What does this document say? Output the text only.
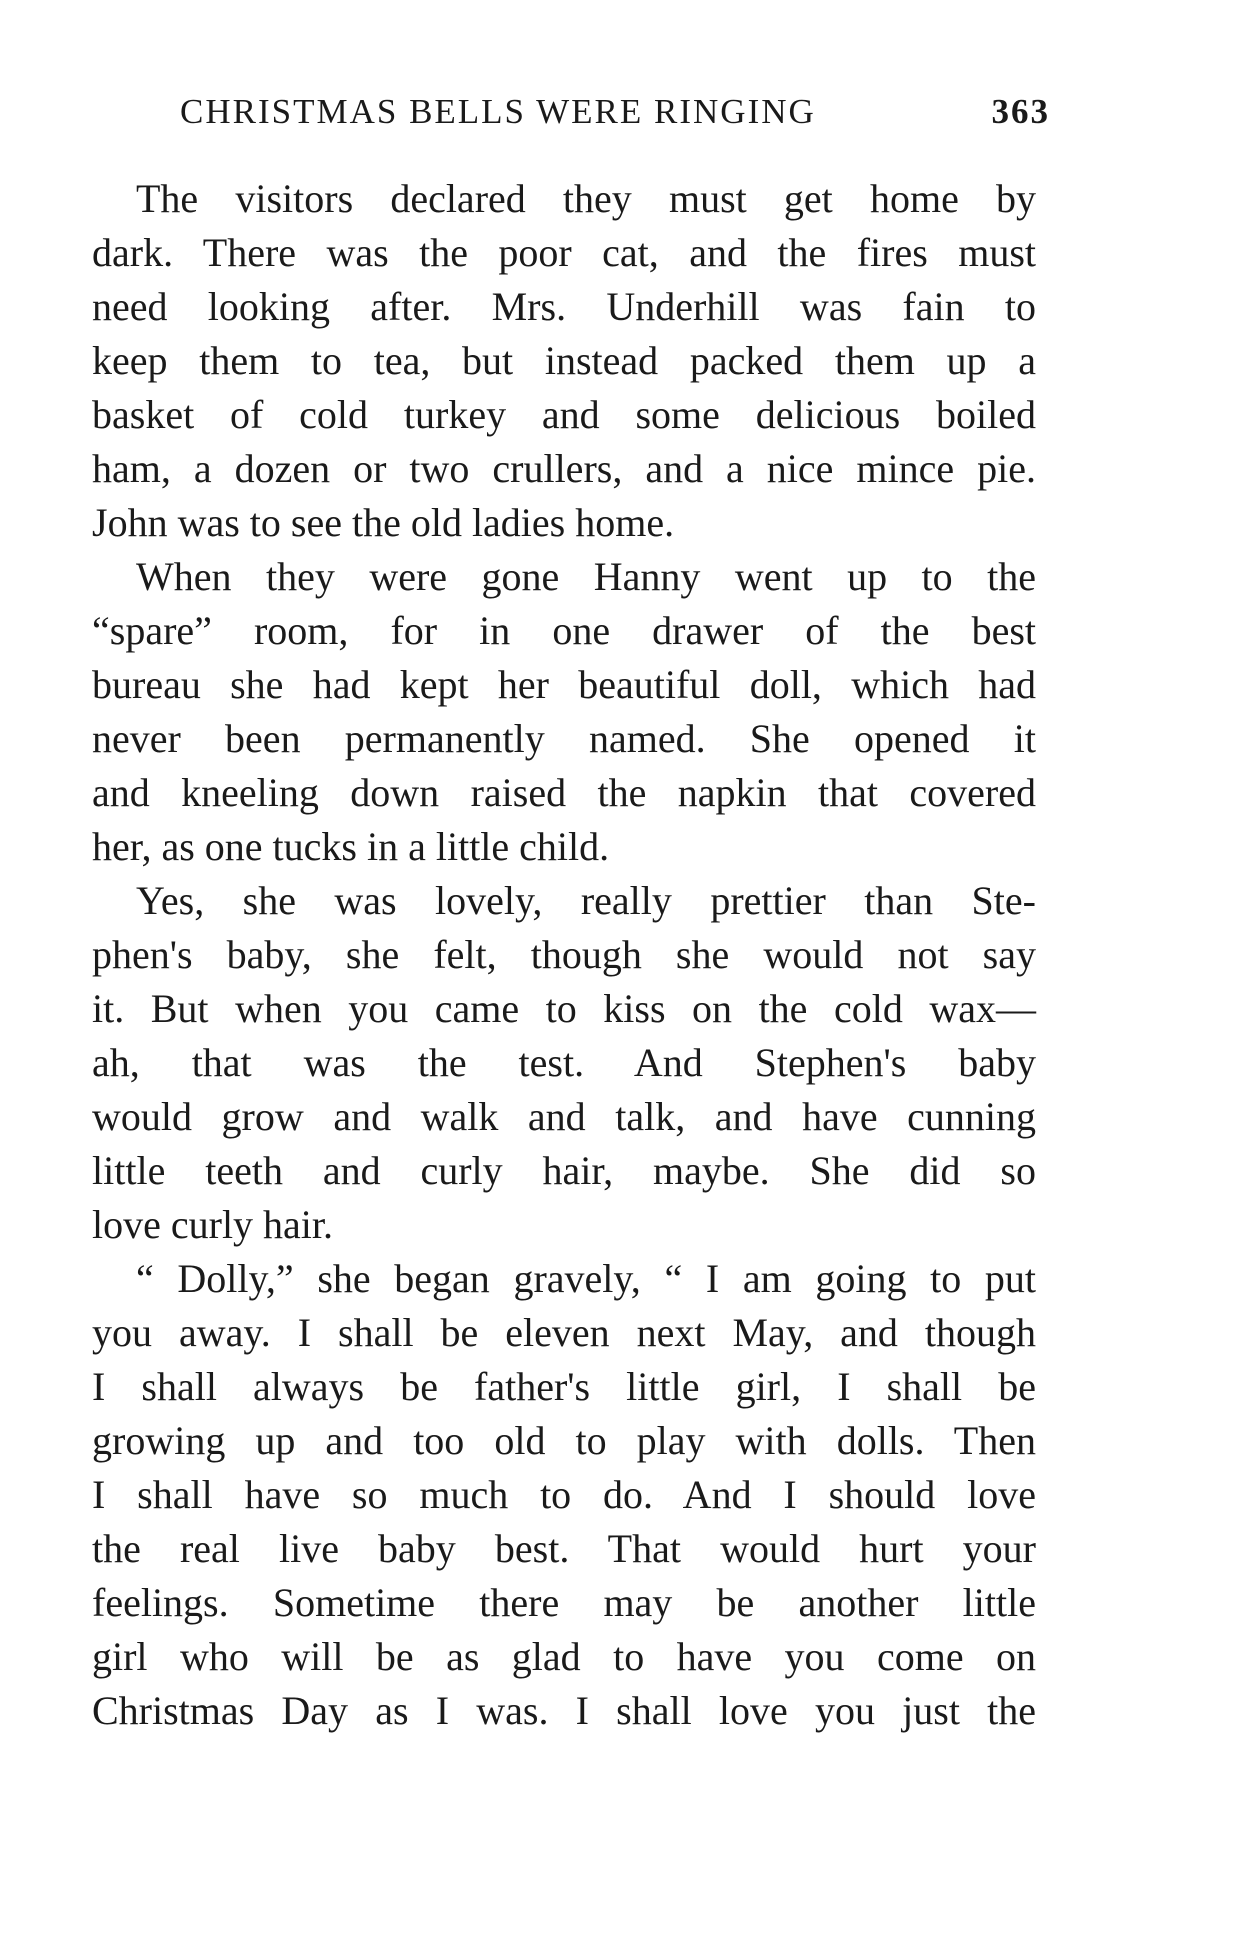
CHRISTMAS BELLS WERE RINGING	363
The visitors declared they must get home by
dark. There was the poor cat, and the fires must
need looking after. Mrs. Underhill was fain to
keep them to tea, but instead packed them up a
basket of cold turkey and some delicious boiled
ham, a dozen or two crullers, and a nice mince pie.
John was to see the old ladies home.
When they were gone Hanny went up to the
“spare” room, for in one drawer of the best
bureau she had kept her beautiful doll, which had
never been permanently named. She opened it
and kneeling down raised the napkin that covered
her, as one tucks in a little child.
Yes, she was lovely, really prettier than Ste-
phen's baby, she felt, though she would not say
it. But when you came to kiss on the cold wax—
ah, that was the test. And Stephen's baby
would grow and walk and talk, and have cunning
little teeth and curly hair, maybe. She did so
love curly hair.
“ Dolly,” she began gravely, “ I am going to put
you away. I shall be eleven next May, and though
I shall always be father's little girl, I shall be
growing up and too old to play with dolls. Then
I shall have so much to do. And I should love
the real live baby best. That would hurt your
feelings. Sometime there may be another little
girl who will be as glad to have you come on
Christmas Day as I was. I shall love you just the
